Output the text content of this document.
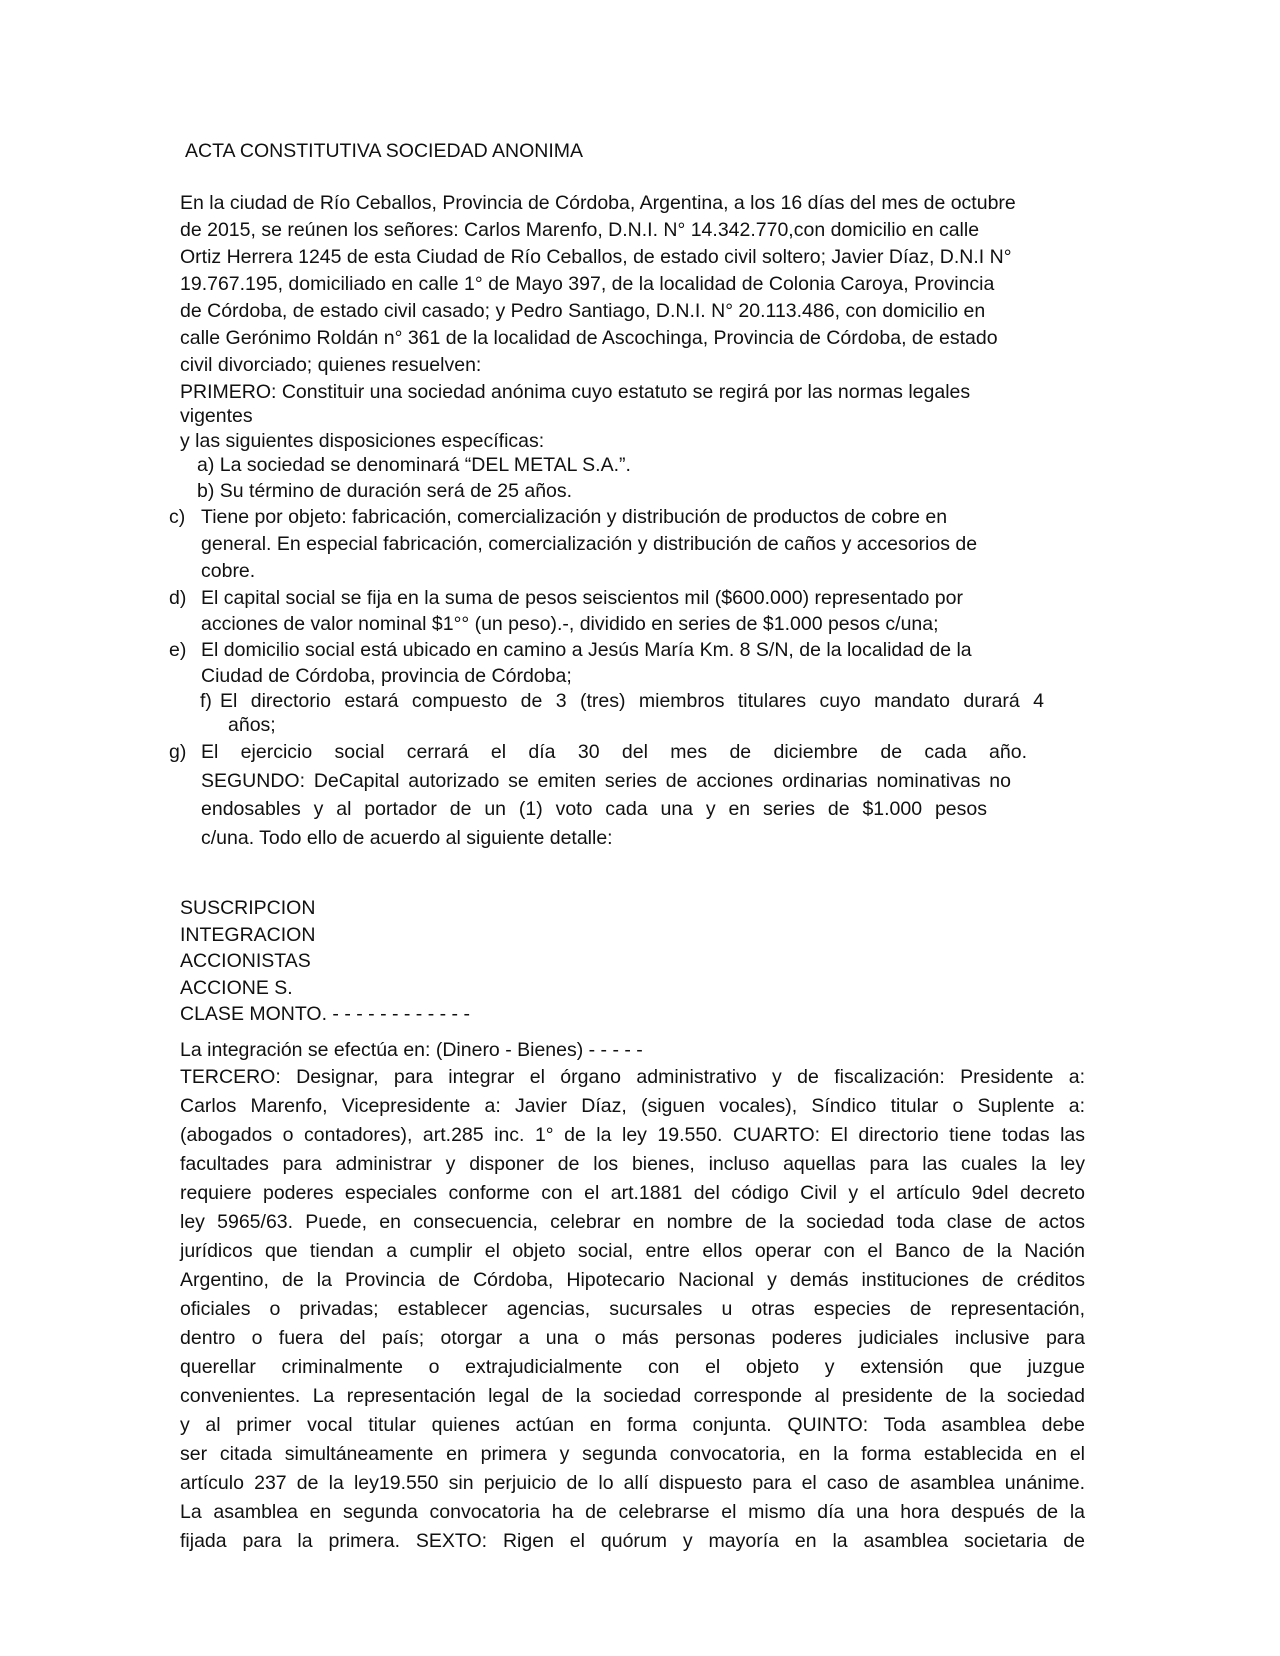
ACTA CONSTITUTIVA SOCIEDAD ANONIMA

En la ciudad de Río Ceballos, Provincia de Córdoba, Argentina, a los 16 días del mes de octubre

de 2015, se reúnen los señores: Carlos Marenfo, D.N.I. N° 14.342.770,con domicilio en calle

Ortiz Herrera 1245 de esta Ciudad de Río Ceballos, de estado civil soltero; Javier Díaz, D.N.I N°

19.767.195, domiciliado en calle 1° de Mayo 397, de la localidad de Colonia Caroya, Provincia

de Córdoba, de estado civil casado; y Pedro Santiago, D.N.I. N° 20.113.486, con domicilio en

calle Gerónimo Roldán n° 361 de la localidad de Ascochinga, Provincia de Córdoba, de estado

civil divorciado; quienes resuelven:

PRIMERO: Constituir una sociedad anónima cuyo estatuto se regirá por las normas legales

vigentes

y las siguientes disposiciones específicas:

a) La sociedad se denominará “DEL METAL S.A.”.
b) Su término de duración será de 25 años.
c) Tiene por objeto: fabricación, comercialización y distribución de productos de cobre en
general. En especial fabricación, comercialización y distribución de caños y accesorios de
cobre.
d) El capital social se fija en la suma de pesos seiscientos mil ($600.000) representado por
acciones de valor nominal $1°° (un peso).-, dividido en series de $1.000 pesos c/una;
e) El domicilio social está ubicado en camino a Jesús María Km. 8 S/N, de la localidad de la
Ciudad de Córdoba, provincia de Córdoba;
f) El directorio estará compuesto de 3 (tres) miembros titulares cuyo mandato durará 4
años;
g) El ejercicio social cerrará el día 30 del mes de diciembre de cada año.
SEGUNDO: DeCapital autorizado se emiten series de acciones ordinarias nominativas no
endosables y al portador de un (1) voto cada una y en series de $1.000 pesos
c/una. Todo ello de acuerdo al siguiente detalle:
SUSCRIPCION
INTEGRACION
ACCIONISTAS
ACCIONE S.
CLASE MONTO. - - - - - - - - - - - -
La integración se efectúa en: (Dinero - Bienes) - - - - -
TERCERO: Designar, para integrar el órgano administrativo y de fiscalización: Presidente a:
Carlos Marenfo, Vicepresidente a: Javier Díaz, (siguen vocales), Síndico titular o Suplente a:
(abogados o contadores), art.285 inc. 1° de la ley 19.550. CUARTO: El directorio tiene todas las
facultades para administrar y disponer de los bienes, incluso aquellas para las cuales la ley
requiere poderes especiales conforme con el art.1881 del código Civil y el artículo 9del decreto
ley 5965/63. Puede, en consecuencia, celebrar en nombre de la sociedad toda clase de actos
jurídicos que tiendan a cumplir el objeto social, entre ellos operar con el Banco de la Nación
Argentino, de la Provincia de Córdoba, Hipotecario Nacional y demás instituciones de créditos
oficiales o privadas; establecer agencias, sucursales u otras especies de representación,
dentro o fuera del país; otorgar a una o más personas poderes judiciales inclusive para
querellar criminalmente o extrajudicialmente con el objeto y extensión que juzgue
convenientes. La representación legal de la sociedad corresponde al presidente de la sociedad
y al primer vocal titular quienes actúan en forma conjunta. QUINTO: Toda asamblea debe
ser citada simultáneamente en primera y segunda convocatoria, en la forma establecida en el
artículo 237 de la ley19.550 sin perjuicio de lo allí dispuesto para el caso de asamblea unánime.
La asamblea en segunda convocatoria ha de celebrarse el mismo día una hora después de la
fijada para la primera. SEXTO: Rigen el quórum y mayoría en la asamblea societaria de
